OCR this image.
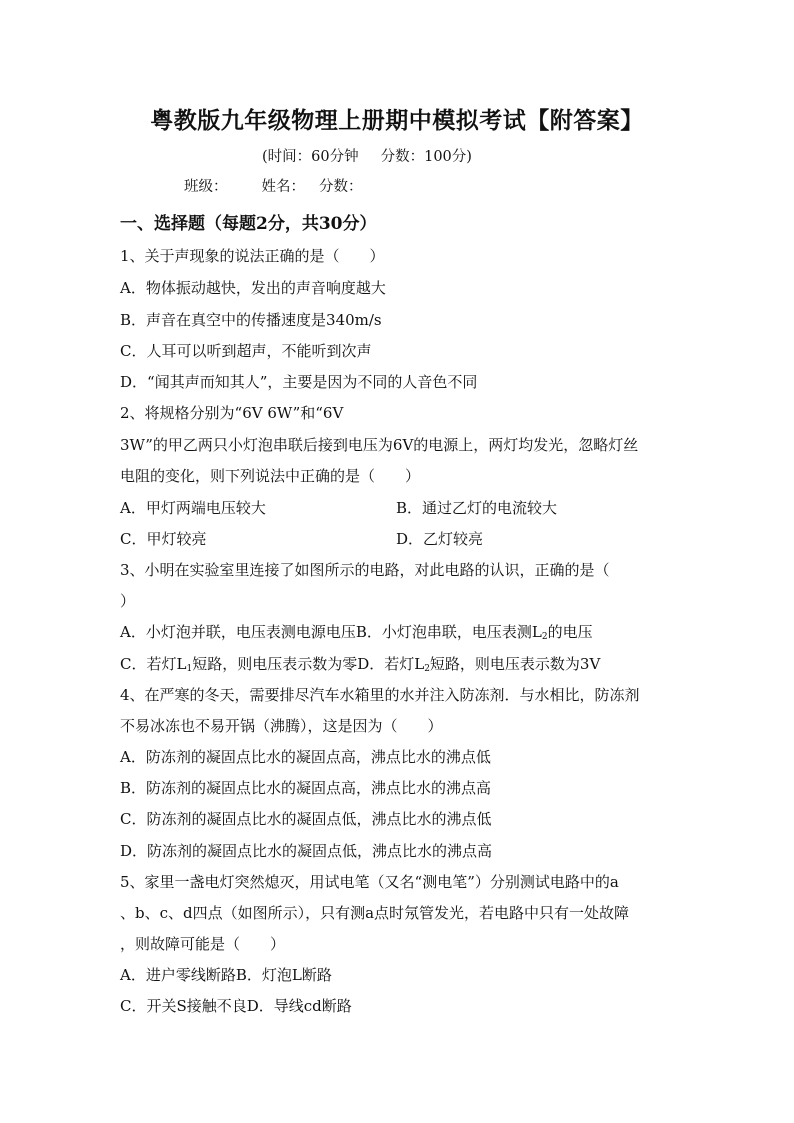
粤教版九年级物理上册期中模拟考试【附答案】
(时间：60分钟 分数：100分)
班级： 姓名： 分数：
一、选择题（每题2分，共30分）
1、关于声现象的说法正确的是（　　）
A．物体振动越快，发出的声音响度越大
B．声音在真空中的传播速度是340m/s
C．人耳可以听到超声，不能听到次声
D．“闻其声而知其人”，主要是因为不同的人音色不同
2、将规格分别为“6V 6W”和“6V
3W”的甲乙两只小灯泡串联后接到电压为6V的电源上，两灯均发光，忽略灯丝
电阻的变化，则下列说法中正确的是（　　）
A．甲灯两端电压较大	B．通过乙灯的电流较大
C．甲灯较亮	D．乙灯较亮
3、小明在实验室里连接了如图所示的电路，对此电路的认识，正确的是（
）
A．小灯泡并联，电压表测电源电压B．小灯泡串联，电压表测$L_2$的电压
C．若灯$L_1$短路，则电压表示数为零D．若灯$L_2$短路，则电压表示数为3V
4、在严寒的冬天，需要排尽汽车水箱里的水并注入防冻剂．与水相比，防冻剂
不易冰冻也不易开锅（沸腾），这是因为（　　）
A．防冻剂的凝固点比水的凝固点高，沸点比水的沸点低
B．防冻剂的凝固点比水的凝固点高，沸点比水的沸点高
C．防冻剂的凝固点比水的凝固点低，沸点比水的沸点低
D．防冻剂的凝固点比水的凝固点低，沸点比水的沸点高
5、家里一盏电灯突然熄灭，用试电笔（又名“测电笔”）分别测试电路中的a
、b、c、d四点（如图所示），只有测a点时氖管发光，若电路中只有一处故障
，则故障可能是（　　）
A．进户零线断路B．灯泡L断路
C．开关S接触不良D．导线cd断路
